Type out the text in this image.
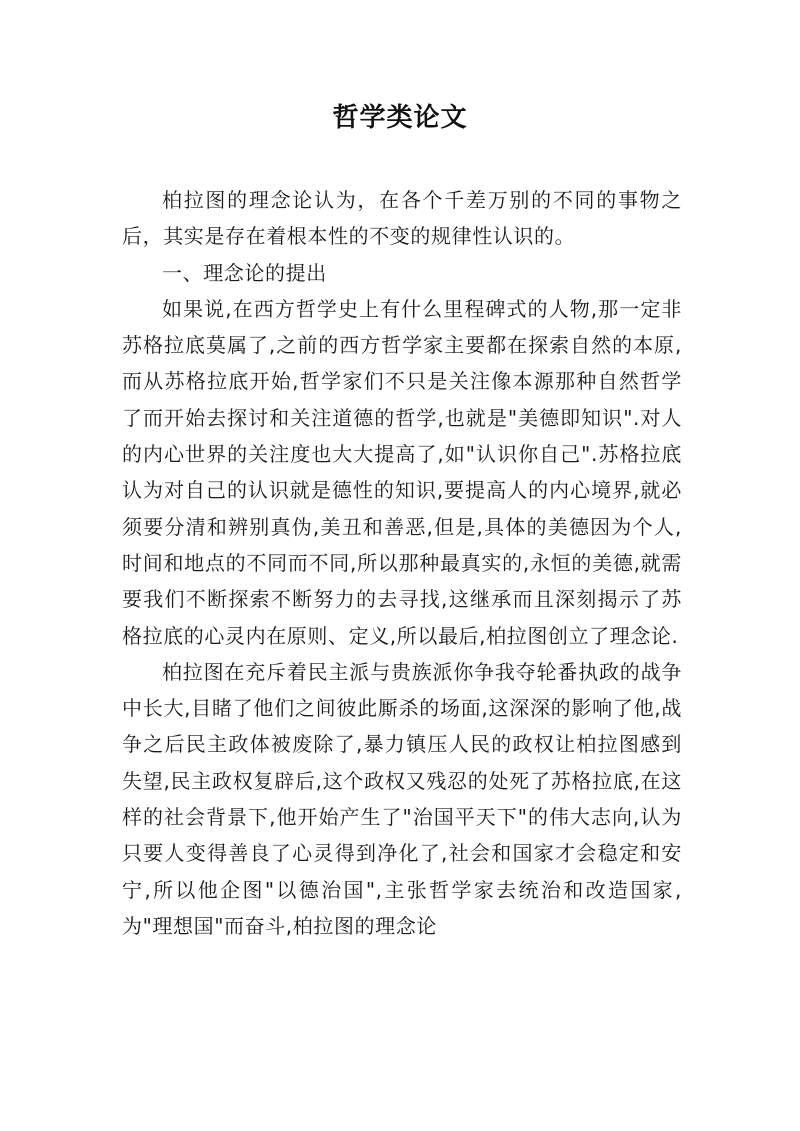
哲学类论文

柏拉图的理念论认为，在各个千差万别的不同的事物之后，其实是存在着根本性的不变的规律性认识的。

一、理念论的提出

如果说,在西方哲学史上有什么里程碑式的人物,那一定非苏格拉底莫属了,之前的西方哲学家主要都在探索自然的本原,而从苏格拉底开始,哲学家们不只是关注像本源那种自然哲学了而开始去探讨和关注道德的哲学,也就是"美德即知识".对人的内心世界的关注度也大大提高了,如"认识你自己".苏格拉底认为对自己的认识就是德性的知识,要提高人的内心境界,就必须要分清和辨别真伪,美丑和善恶,但是,具体的美德因为个人,时间和地点的不同而不同,所以那种最真实的,永恒的美德,就需要我们不断探索不断努力的去寻找,这继承而且深刻揭示了苏格拉底的心灵内在原则、定义,所以最后,柏拉图创立了理念论.

柏拉图在充斥着民主派与贵族派你争我夺轮番执政的战争中长大,目睹了他们之间彼此厮杀的场面,这深深的影响了他,战争之后民主政体被废除了,暴力镇压人民的政权让柏拉图感到失望,民主政权复辟后,这个政权又残忍的处死了苏格拉底,在这样的社会背景下,他开始产生了"治国平天下"的伟大志向,认为只要人变得善良了心灵得到净化了,社会和国家才会稳定和安宁,所以他企图"以德治国",主张哲学家去统治和改造国家,为"理想国"而奋斗,柏拉图的理念论
